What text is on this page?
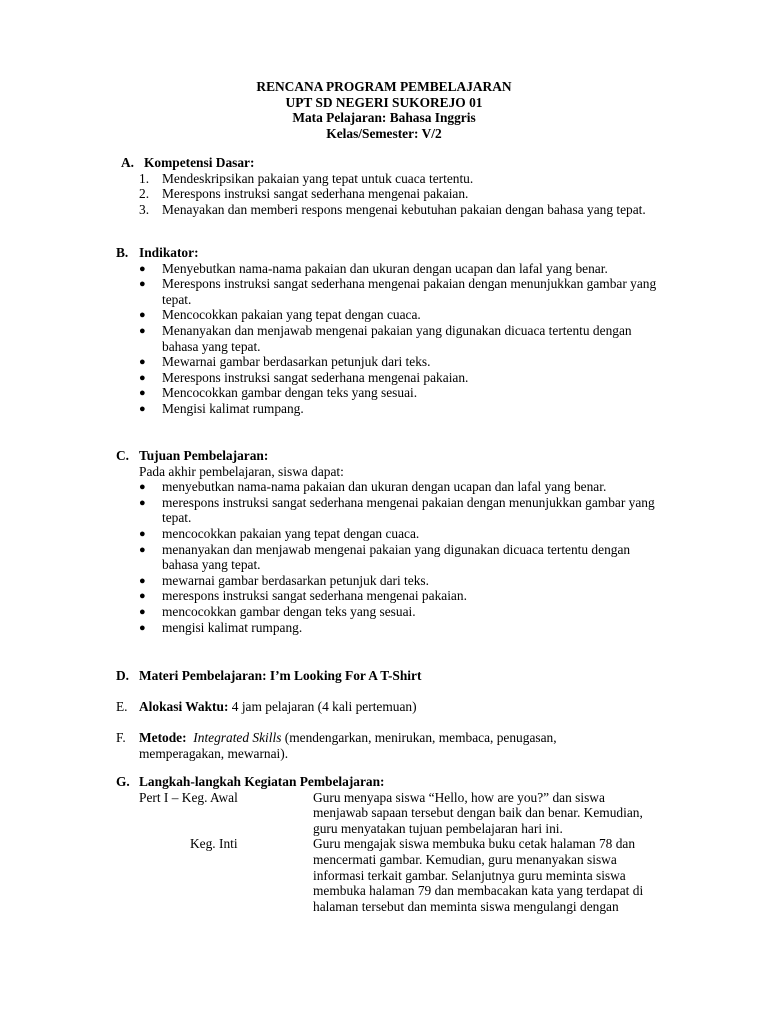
RENCANA PROGRAM PEMBELAJARAN
UPT SD NEGERI SUKOREJO 01
Mata Pelajaran: Bahasa Inggris
Kelas/Semester: V/2
A. Kompetensi Dasar:
1. Mendeskripsikan pakaian yang tepat untuk cuaca tertentu.
2. Merespons instruksi sangat sederhana mengenai pakaian.
3. Menayakan dan memberi respons mengenai kebutuhan pakaian dengan bahasa yang tepat.
B. Indikator:
● Menyebutkan nama-nama pakaian dan ukuran dengan ucapan dan lafal yang benar.
● Merespons instruksi sangat sederhana mengenai pakaian dengan menunjukkan gambar yang tepat.
● Mencocokkan pakaian yang tepat dengan cuaca.
● Menanyakan dan menjawab mengenai pakaian yang digunakan dicuaca tertentu dengan bahasa yang tepat.
● Mewarnai gambar berdasarkan petunjuk dari teks.
● Merespons instruksi sangat sederhana mengenai pakaian.
● Mencocokkan gambar dengan teks yang sesuai.
● Mengisi kalimat rumpang.
C. Tujuan Pembelajaran:
Pada akhir pembelajaran, siswa dapat:
● menyebutkan nama-nama pakaian dan ukuran dengan ucapan dan lafal yang benar.
● merespons instruksi sangat sederhana mengenai pakaian dengan menunjukkan gambar yang tepat.
● mencocokkan pakaian yang tepat dengan cuaca.
● menanyakan dan menjawab mengenai pakaian yang digunakan dicuaca tertentu dengan bahasa yang tepat.
● mewarnai gambar berdasarkan petunjuk dari teks.
● merespons instruksi sangat sederhana mengenai pakaian.
● mencocokkan gambar dengan teks yang sesuai.
● mengisi kalimat rumpang.
D. Materi Pembelajaran: I’m Looking For A T-Shirt
E. Alokasi Waktu: 4 jam pelajaran (4 kali pertemuan)
F. Metode: Integrated Skills (mendengarkan, menirukan, membaca, penugasan,
memperagakan, mewarnai).
G. Langkah-langkah Kegiatan Pembelajaran:
Pert I – Keg. Awal	Guru menyapa siswa “Hello, how are you?” dan siswa menjawab sapaan tersebut dengan baik dan benar. Kemudian, guru menyatakan tujuan pembelajaran hari ini.
Keg. Inti	Guru mengajak siswa membuka buku cetak halaman 78 dan mencermati gambar. Kemudian, guru menanyakan siswa informasi terkait gambar. Selanjutnya guru meminta siswa membuka halaman 79 dan membacakan kata yang terdapat di halaman tersebut dan meminta siswa mengulangi dengan
